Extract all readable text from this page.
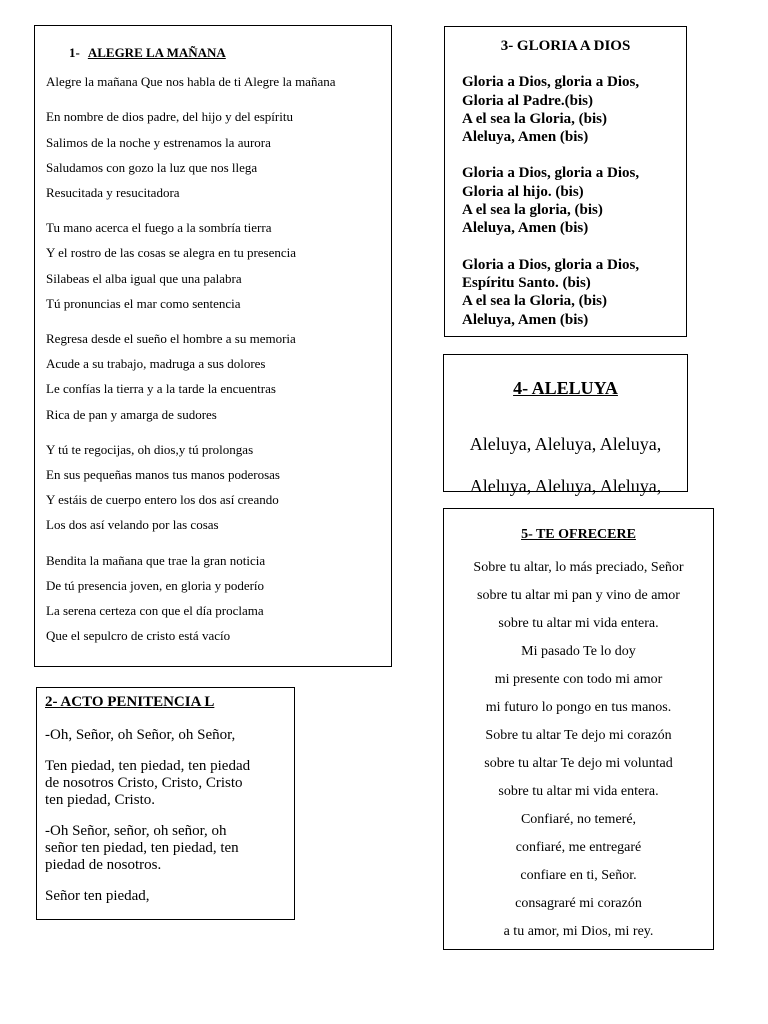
1- ALEGRE LA MAÑANA

Alegre la mañana Que nos habla de ti Alegre la mañana

En nombre de dios padre, del hijo y del espíritu

Salimos de la noche y estrenamos la aurora

Saludamos con gozo la luz que nos llega

Resucitada y resucitadora

Tu mano acerca el fuego a la sombría tierra

Y el rostro de las cosas se alegra en tu presencia

Silabeas el alba igual que una palabra

Tú pronuncias el mar como sentencia

Regresa desde el sueño el hombre a su memoria

Acude a su trabajo, madruga a sus dolores

Le confías la tierra y a la tarde la encuentras

Rica de pan y amarga de sudores

Y tú te regocijas, oh dios,y tú prolongas

En sus pequeñas manos tus manos poderosas

Y estáis de cuerpo entero los dos así creando

Los dos así velando por las cosas

Bendita la mañana que trae la gran noticia

De tú presencia joven, en gloria y poderío

La serena certeza con que el día proclama

Que el sepulcro de cristo está vacío

2- ACTO PENITENCIA L

-Oh, Señor, oh Señor, oh Señor,

Ten piedad, ten piedad, ten piedad

de nosotros Cristo, Cristo, Cristo

ten piedad, Cristo.

-Oh Señor, señor, oh señor, oh

señor ten piedad, ten piedad, ten

piedad de nosotros.

Señor ten piedad,

3- GLORIA A DIOS

Gloria a Dios, gloria a Dios,

Gloria al Padre.(bis)

A el sea la Gloria, (bis)

Aleluya, Amen (bis)

Gloria a Dios, gloria a Dios,

Gloria al hijo. (bis)

A el sea la gloria, (bis)

Aleluya, Amen (bis)

Gloria a Dios, gloria a Dios,

Espíritu Santo. (bis)

A el sea la Gloria, (bis)

Aleluya, Amen (bis)

4- ALELUYA

Aleluya, Aleluya, Aleluya,

Aleluya, Aleluya, Aleluya,

5- TE OFRECERE

Sobre tu altar, lo más preciado, Señor

sobre tu altar mi pan y vino de amor

sobre tu altar mi vida entera.

Mi pasado Te lo doy

mi presente con todo mi amor

mi futuro lo pongo en tus manos.

Sobre tu altar Te dejo mi corazón

sobre tu altar Te dejo mi voluntad

sobre tu altar mi vida entera.

Confiaré, no temeré,

confiaré, me entregaré

confiare en ti, Señor.

consagraré mi corazón

a tu amor, mi Dios, mi rey.
